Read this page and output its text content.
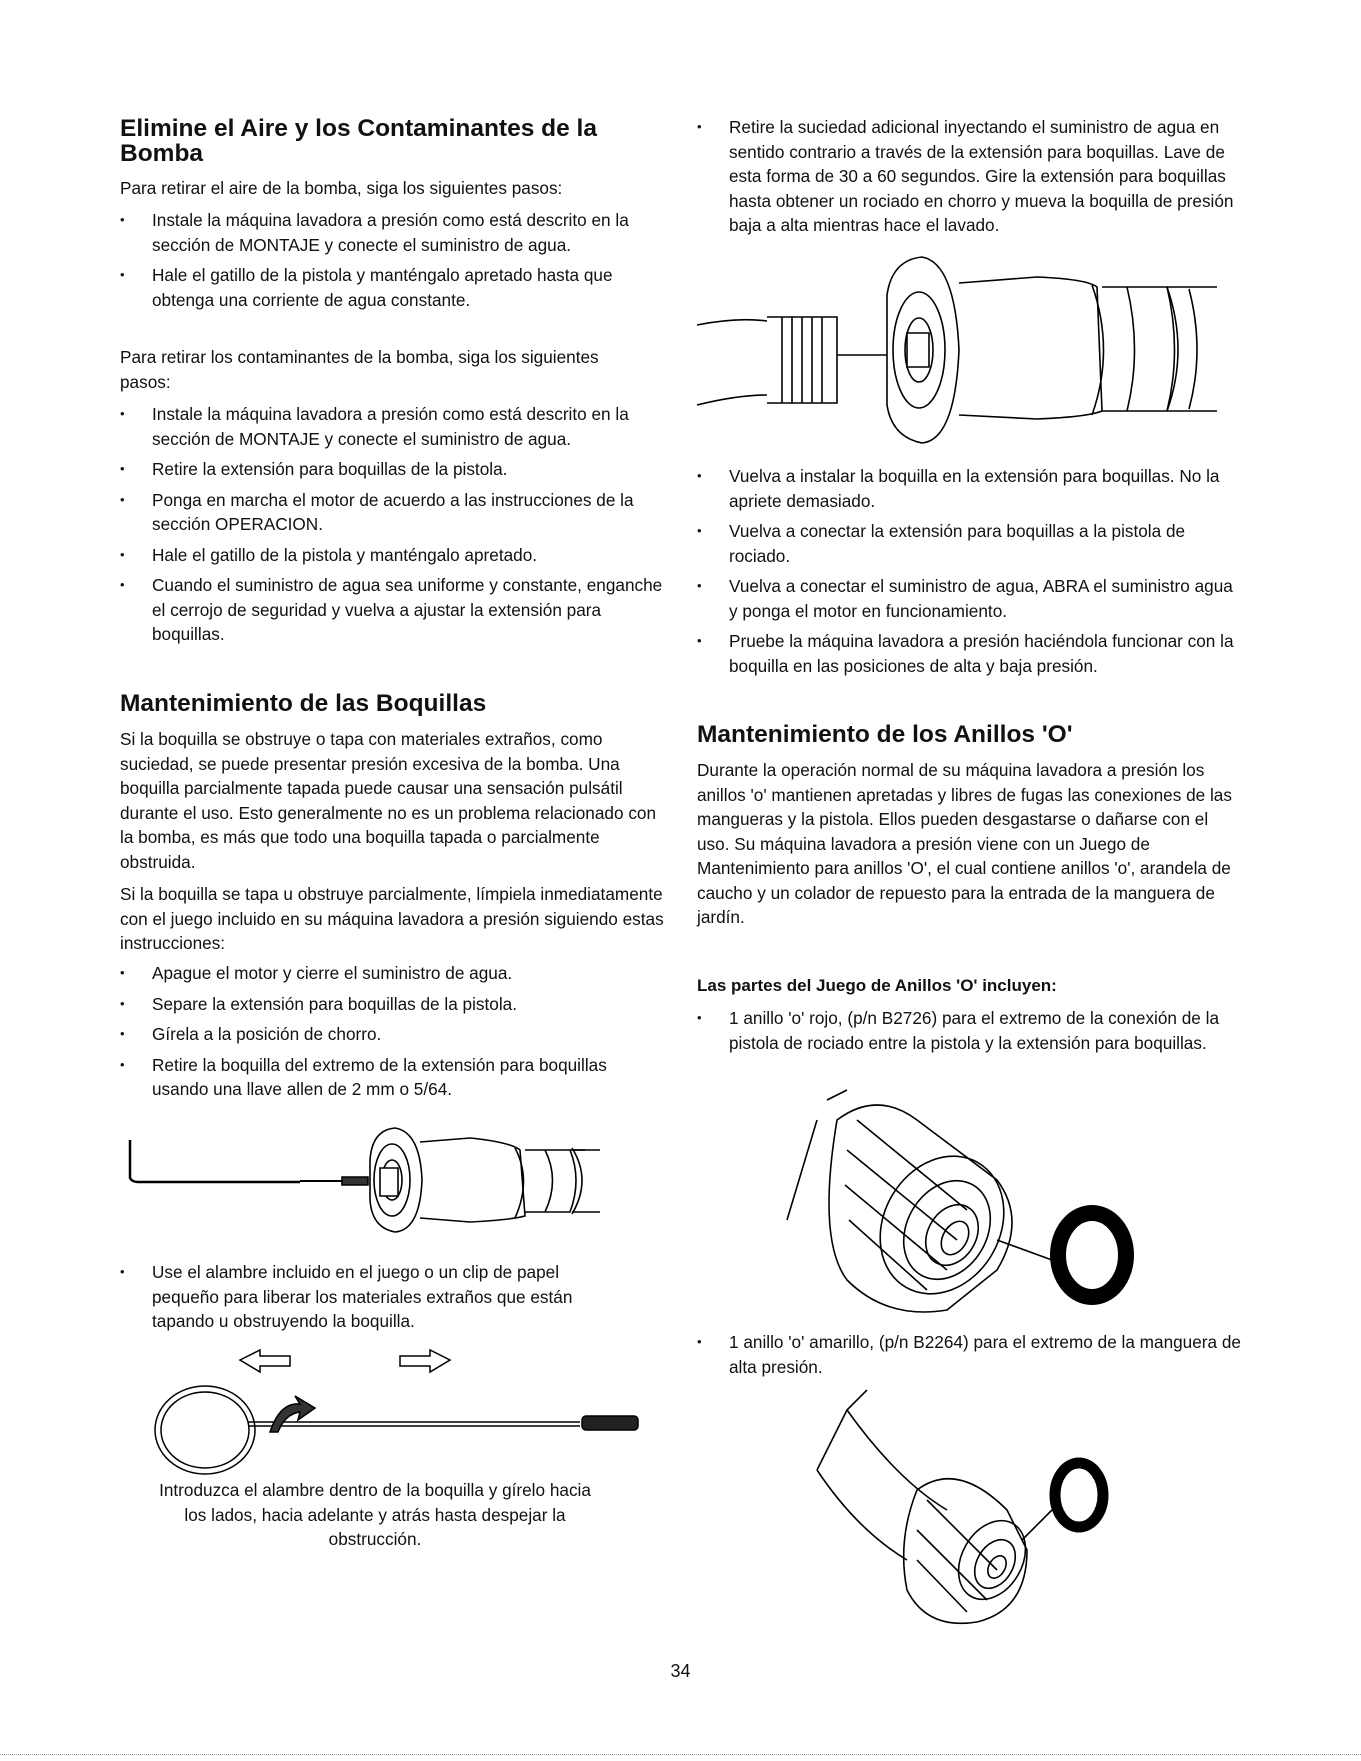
Elimine el Aire y los Contaminantes de la Bomba

Para retirar el aire de la bomba, siga los siguientes pasos:

• Instale la máquina lavadora a presión como está descrito en la sección de MONTAJE y conecte el suministro de agua.
• Hale el gatillo de la pistola y manténgalo apretado hasta que obtenga una corriente de agua constante.

Para retirar los contaminantes de la bomba, siga los siguientes pasos:

• Instale la máquina lavadora a presión como está descrito en la sección de MONTAJE y conecte el suministro de agua.
• Retire la extensión para boquillas de la pistola.
• Ponga en marcha el motor de acuerdo a las instrucciones de la sección OPERACION.
• Hale el gatillo de la pistola y manténgalo apretado.
• Cuando el suministro de agua sea uniforme y constante, enganche el cerrojo de seguridad y vuelva a ajustar la extensión para boquillas.
Mantenimiento de las Boquillas

Si la boquilla se obstruye o tapa con materiales extraños, como suciedad, se puede presentar presión excesiva de la bomba. Una boquilla parcialmente tapada puede causar una sensación pulsátil durante el uso. Esto generalmente no es un problema relacionado con la bomba, es más que todo una boquilla tapada o parcialmente obstruida.

Si la boquilla se tapa u obstruye parcialmente, límpiela inmediatamente con el juego incluido en su máquina lavadora a presión siguiendo estas instrucciones:

• Apague el motor y cierre el suministro de agua.
• Separe la extensión para boquillas de la pistola.
• Gírela a la posición de chorro.
• Retire la boquilla del extremo de la extensión para boquillas usando una llave allen de 2 mm o 5/64.
• Use el alambre incluido en el juego o un clip de papel pequeño para liberar los materiales extraños que están tapando u obstruyendo la boquilla.

Introduzca el alambre dentro de la boquilla y gírelo hacia los lados, hacia adelante y atrás hasta despejar la obstrucción.

• Retire la suciedad adicional inyectando el suministro de agua en sentido contrario a través de la extensión para boquillas. Lave de esta forma de 30 a 60 segundos. Gire la extensión para boquillas hasta obtener un rociado en chorro y mueva la boquilla de presión baja a alta mientras hace el lavado.
• Vuelva a instalar la boquilla en la extensión para boquillas. No la apriete demasiado.
• Vuelva a conectar la extensión para boquillas a la pistola de rociado.
• Vuelva a conectar el suministro de agua, ABRA el suministro agua y ponga el motor en funcionamiento.
• Pruebe la máquina lavadora a presión haciéndola funcionar con la boquilla en las posiciones de alta y baja presión.
Mantenimiento de los Anillos 'O'

Durante la operación normal de su máquina lavadora a presión los anillos 'o' mantienen apretadas y libres de fugas las conexiones de las mangueras y la pistola. Ellos pueden desgastarse o dañarse con el uso. Su máquina lavadora a presión viene con un Juego de Mantenimiento para anillos 'O', el cual contiene anillos 'o', arandela de caucho y un colador de repuesto para la entrada de la manguera de jardín.

Las partes del Juego de Anillos 'O' incluyen:

• 1 anillo 'o' rojo, (p/n B2726) para el extremo de la conexión de la pistola de rociado entre la pistola y la extensión para boquillas.
• 1 anillo 'o' amarillo, (p/n B2264) para el extremo de la manguera de alta presión.
34
